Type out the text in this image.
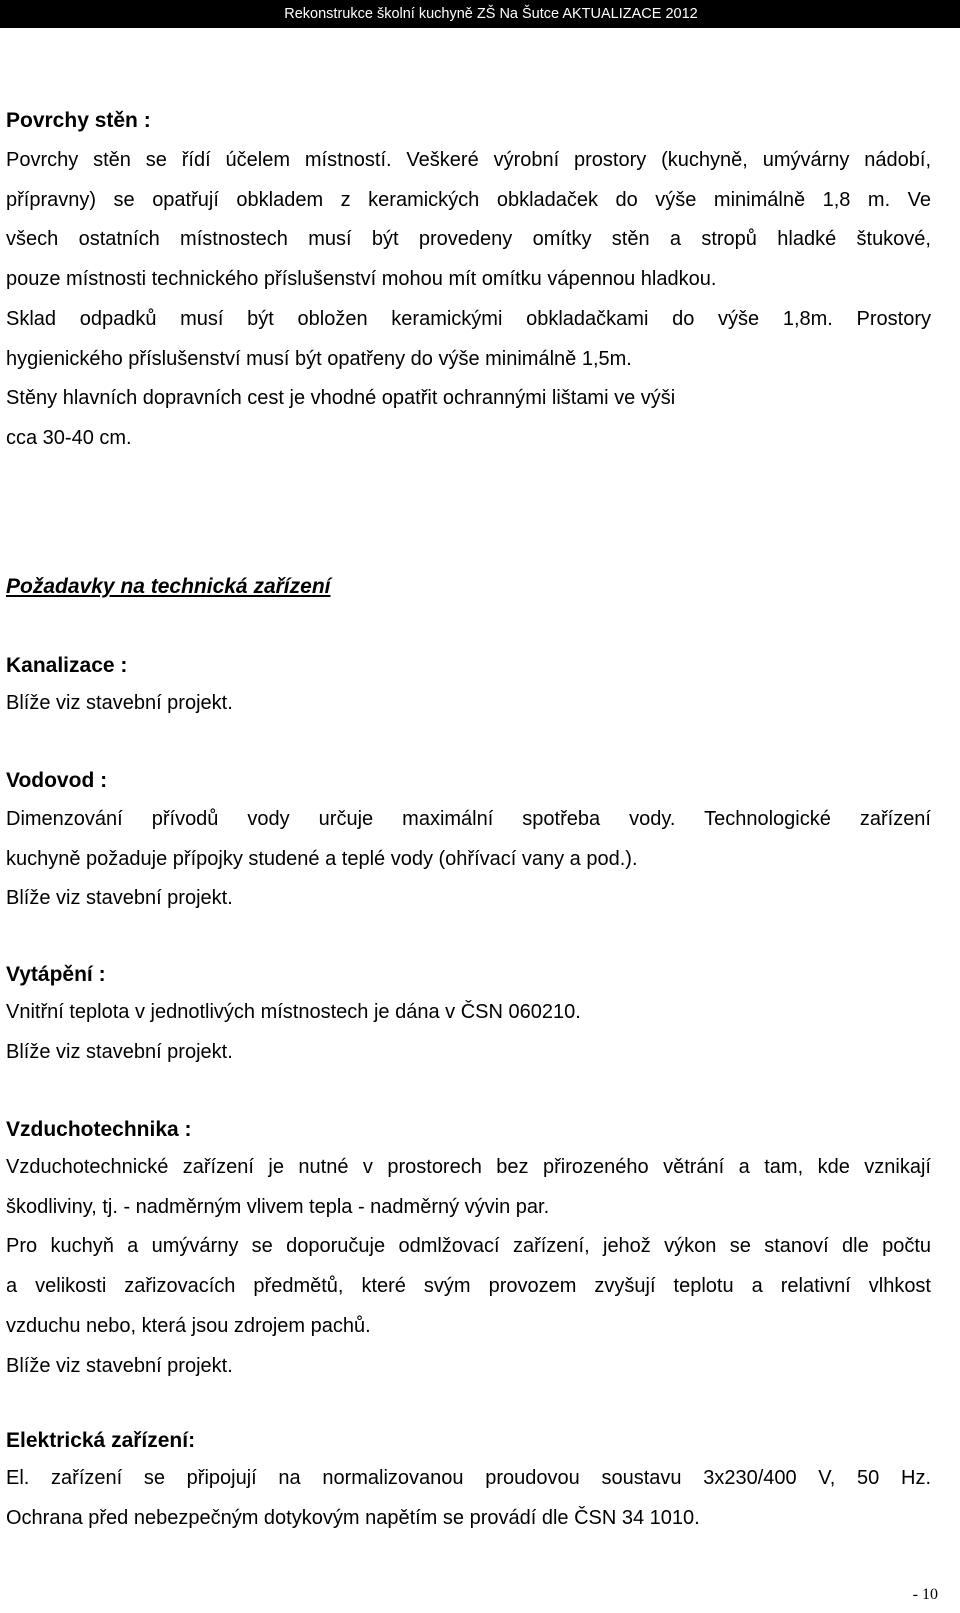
Rekonstrukce školní kuchyně ZŠ Na Šutce AKTUALIZACE 2012

Povrchy stěn :

Povrchy stěn se řídí účelem místností. Veškeré výrobní prostory (kuchyně, umývárny nádobí,

přípravny) se opatřují obkladem z keramických obkladaček do výše minimálně 1,8 m. Ve

všech ostatních místnostech musí být provedeny omítky stěn a stropů hladké štukové,

pouze místnosti technického příslušenství mohou mít omítku vápennou hladkou.

Sklad odpadků musí být obložen keramickými obkladačkami do výše 1,8m. Prostory

hygienického příslušenství musí být opatřeny do výše minimálně 1,5m.

Stěny hlavních dopravních cest je vhodné opatřit ochrannými lištami ve výši

cca 30-40 cm.

Požadavky na technická zařízení

Kanalizace :

Blíže viz stavební projekt.

Vodovod :

Dimenzování přívodů vody určuje maximální spotřeba vody. Technologické zařízení

kuchyně požaduje přípojky studené a teplé vody (ohřívací vany a pod.).

Blíže viz stavební projekt.

Vytápění :

Vnitřní teplota v jednotlivých místnostech je dána v ČSN 060210.

Blíže viz stavební projekt.

Vzduchotechnika :

Vzduchotechnické zařízení je nutné v prostorech bez přirozeného větrání a tam, kde vznikají

škodliviny, tj. - nadměrným vlivem tepla - nadměrný vývin par.

Pro kuchyň a umývárny se doporučuje odmlžovací zařízení, jehož výkon se stanoví dle počtu

a velikosti zařizovacích předmětů, které svým provozem zvyšují teplotu a relativní vlhkost

vzduchu nebo, která jsou zdrojem pachů.

Blíže viz stavební projekt.

Elektrická zařízení:

El. zařízení se připojují na normalizovanou proudovou soustavu 3x230/400 V, 50 Hz.

Ochrana před nebezpečným dotykovým napětím se provádí dle ČSN 34 1010.

- 10
